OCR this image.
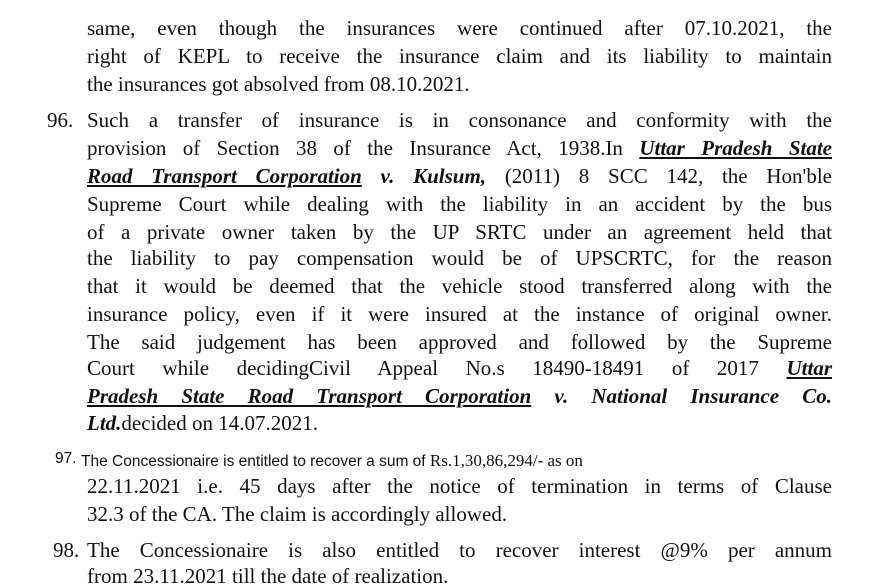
same, even though the insurances were continued after 07.10.2021, the
right of KEPL to receive the insurance claim and its liability to maintain
the insurances got absolved from 08.10.2021.
96. Such a transfer of insurance is in consonance and conformity with the
provision of Section 38 of the Insurance Act, 1938.In Uttar Pradesh State
Road Transport Corporation v. Kulsum, (2011) 8 SCC 142, the Hon'ble
Supreme Court while dealing with the liability in an accident by the bus
of a private owner taken by the UP SRTC under an agreement held that
the liability to pay compensation would be of UPSCRTC, for the reason
that it would be deemed that the vehicle stood transferred along with the
insurance policy, even if it were insured at the instance of original owner.
The said judgement has been approved and followed by the Supreme
Court while decidingCivil Appeal No.s 18490-18491 of 2017 Uttar
Pradesh State Road Transport Corporation v. National Insurance Co.
Ltd.decided on 14.07.2021.
97. The Concessionaire is entitled to recover a sum of Rs.1,30,86,294/- as on
22.11.2021 i.e. 45 days after the notice of termination in terms of Clause
32.3 of the CA. The claim is accordingly allowed.
98. The Concessionaire is also entitled to recover interest @9% per annum
from 23.11.2021 till the date of realization.
